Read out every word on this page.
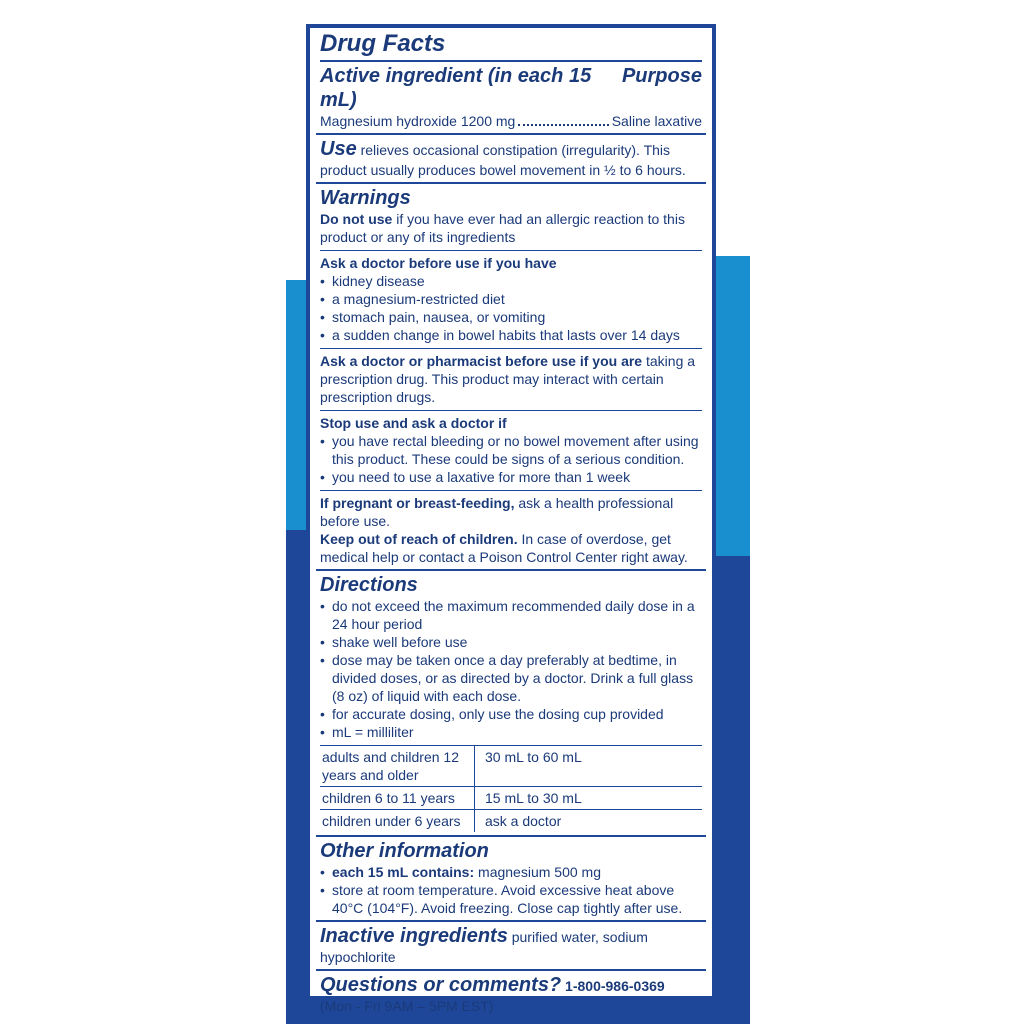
Drug Facts
Active ingredient (in each 15 mL)
Purpose
Magnesium hydroxide 1200 mg	Saline laxative
Use relieves occasional constipation (irregularity). This product usually produces bowel movement in ½ to 6 hours.
Warnings
Do not use if you have ever had an allergic reaction to this product or any of its ingredients
Ask a doctor before use if you have
• kidney disease
• a magnesium-restricted diet
• stomach pain, nausea, or vomiting
• a sudden change in bowel habits that lasts over 14 days
Ask a doctor or pharmacist before use if you are taking a prescription drug. This product may interact with certain prescription drugs.
Stop use and ask a doctor if
• you have rectal bleeding or no bowel movement after using this product. These could be signs of a serious condition.
• you need to use a laxative for more than 1 week
If pregnant or breast-feeding, ask a health professional before use.
Keep out of reach of children. In case of overdose, get medical help or contact a Poison Control Center right away.
Directions
• do not exceed the maximum recommended daily dose in a 24 hour period
• shake well before use
• dose may be taken once a day preferably at bedtime, in divided doses, or as directed by a doctor. Drink a full glass (8 oz) of liquid with each dose.
• for accurate dosing, only use the dosing cup provided
• mL = milliliter
adults and children 12 years and older	30 mL to 60 mL
children 6 to 11 years	15 mL to 30 mL
children under 6 years	ask a doctor
Other information
• each 15 mL contains: magnesium 500 mg
• store at room temperature. Avoid excessive heat above 40°C (104°F). Avoid freezing. Close cap tightly after use.
Inactive ingredients purified water, sodium hypochlorite
Questions or comments? 1-800-986-0369
(Mon - Fri 9AM – 5PM EST)
